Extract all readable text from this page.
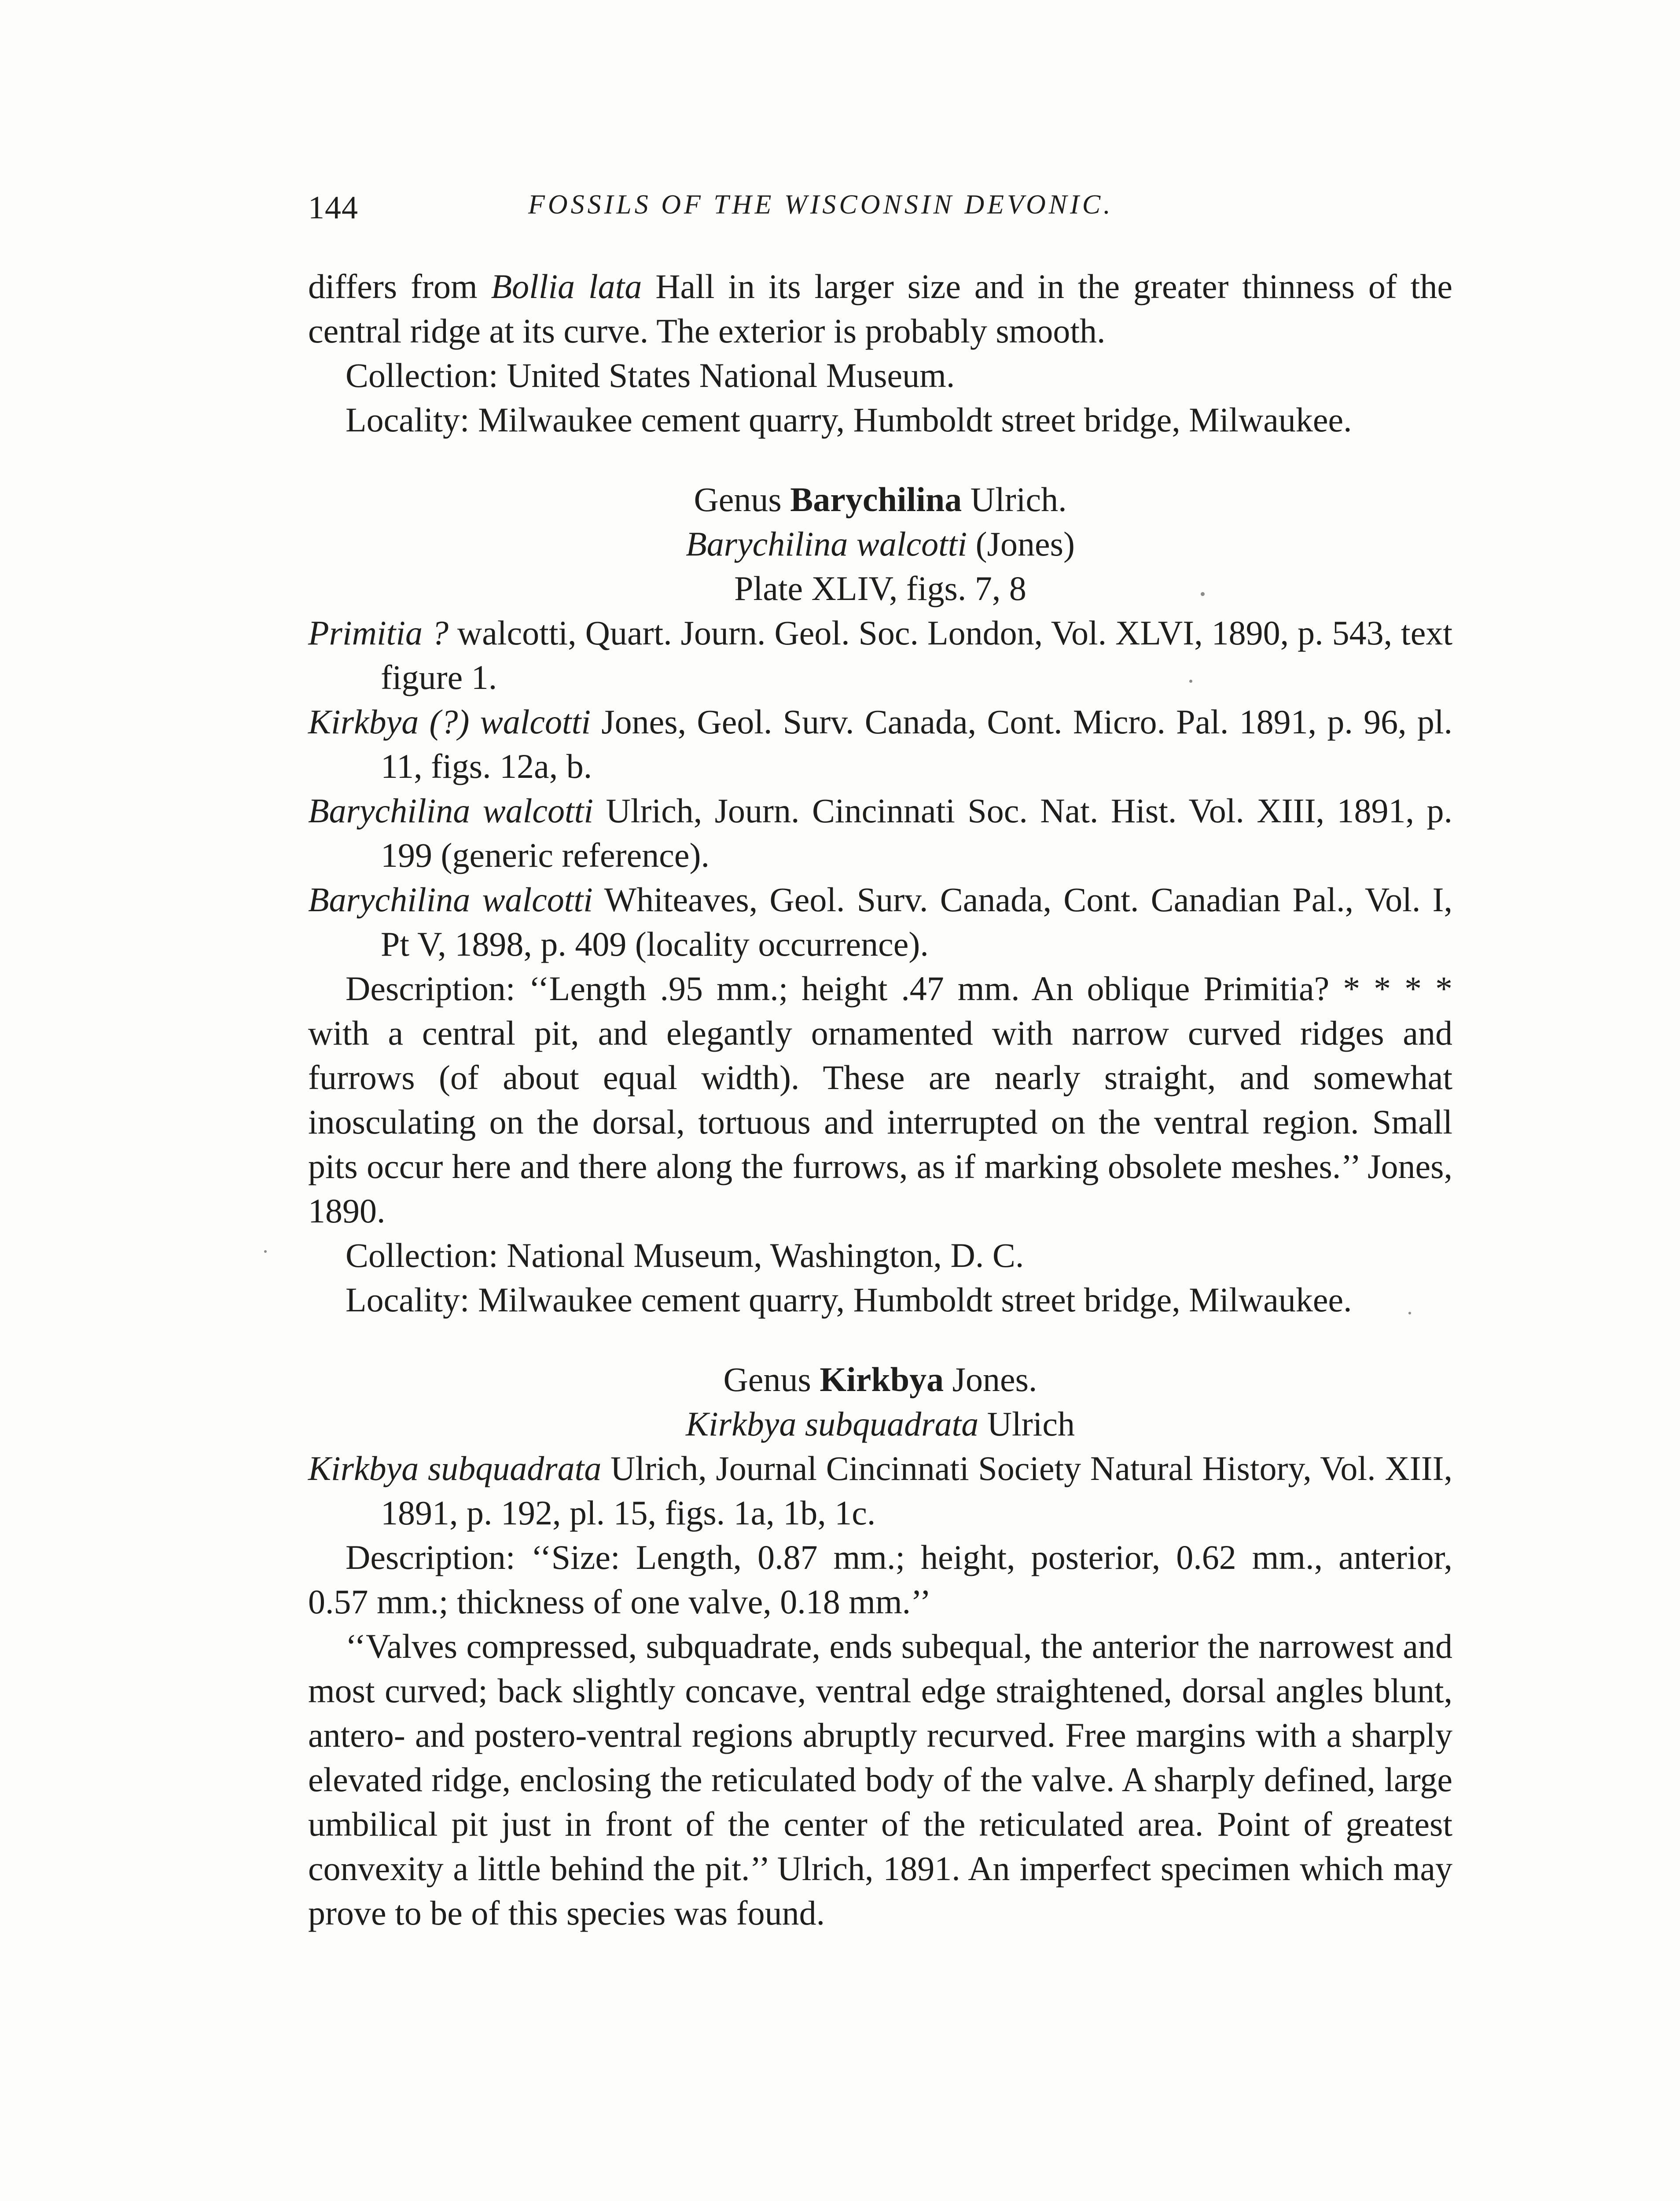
144	FOSSILS OF THE WISCONSIN DEVONIC.

differs from Bollia lata Hall in its larger size and in the greater thinness of the central ridge at its curve. The exterior is probably smooth.

Collection: United States National Museum.

Locality: Milwaukee cement quarry, Humboldt street bridge, Milwaukee.

Genus Barychilina Ulrich.

Barychilina walcotti (Jones)

Plate XLIV, figs. 7, 8

Primitia ? walcotti, Quart. Journ. Geol. Soc. London, Vol. XLVI, 1890, p. 543, text figure 1.

Kirkbya (?) walcotti Jones, Geol. Surv. Canada, Cont. Micro. Pal. 1891, p. 96, pl. 11, figs. 12a, b.

Barychilina walcotti Ulrich, Journ. Cincinnati Soc. Nat. Hist. Vol. XIII, 1891, p. 199 (generic reference).

Barychilina walcotti Whiteaves, Geol. Surv. Canada, Cont. Canadian Pal., Vol. I, Pt V, 1898, p. 409 (locality occurrence).

Description: ‘‘Length .95 mm.; height .47 mm. An oblique Primitia? * * * * with a central pit, and elegantly ornamented with narrow curved ridges and furrows (of about equal width). These are nearly straight, and somewhat inosculating on the dorsal, tortuous and interrupted on the ventral region. Small pits occur here and there along the furrows, as if marking obsolete meshes.’’ Jones, 1890.

Collection: National Museum, Washington, D. C.

Locality: Milwaukee cement quarry, Humboldt street bridge, Milwaukee.

Genus Kirkbya Jones.

Kirkbya subquadrata Ulrich

Kirkbya subquadrata Ulrich, Journal Cincinnati Society Natural History, Vol. XIII, 1891, p. 192, pl. 15, figs. 1a, 1b, 1c.

Description: ‘‘Size: Length, 0.87 mm.; height, posterior, 0.62 mm., anterior, 0.57 mm.; thickness of one valve, 0.18 mm.’’

‘‘Valves compressed, subquadrate, ends subequal, the anterior the narrowest and most curved; back slightly concave, ventral edge straightened, dorsal angles blunt, antero- and postero-ventral regions abruptly recurved. Free margins with a sharply elevated ridge, enclosing the reticulated body of the valve. A sharply defined, large umbilical pit just in front of the center of the reticulated area. Point of greatest convexity a little behind the pit.’’ Ulrich, 1891. An imperfect specimen which may prove to be of this species was found.
